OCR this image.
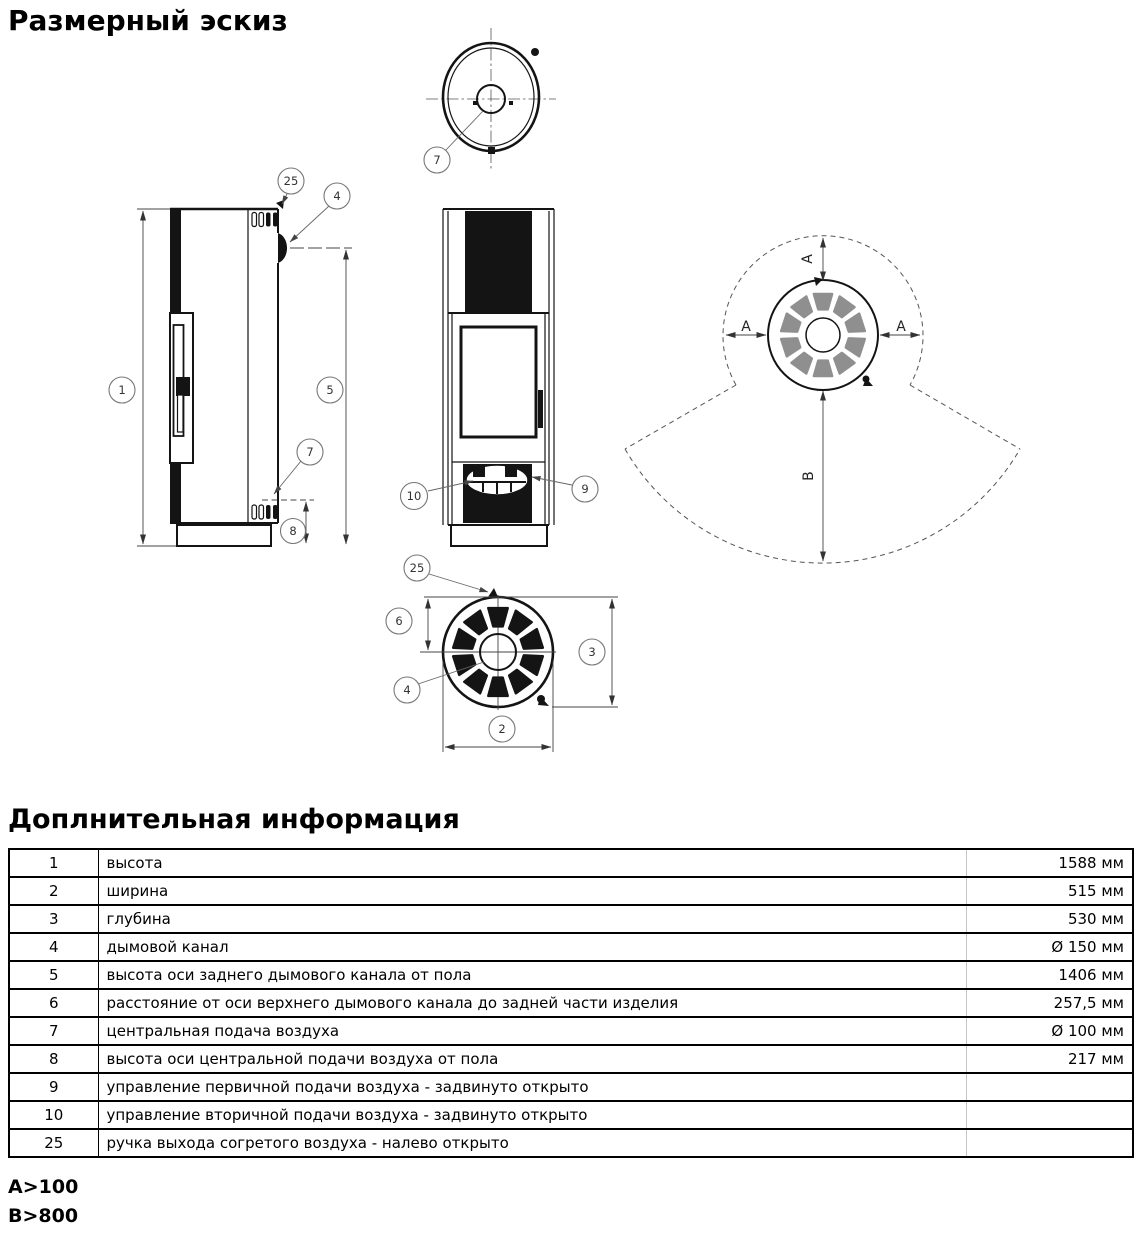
Размерный эскиз
7
1	5
8
25
4
7
10	9
A
A	A
B
25
6
3
4
2
Доплнительная информация
1	высота	1588 мм
2	ширина	515 мм
3	глубина	530 мм
4	дымовой канал	Ø 150 мм
5	высота оси заднего дымового канала от пола	1406 мм
6	расстояние от оси верхнего дымового канала до задней части изделия	257,5 мм
7	центральная подача воздуха	Ø 100 мм
8	высота оси центральной подачи воздуха от пола	217 мм
9	управление первичной подачи воздуха - задвинуто открыто	
10	управление вторичной подачи воздуха - задвинуто открыто	
25	ручка выхода согретого воздуха - налево открыто	
A>100
B>800
